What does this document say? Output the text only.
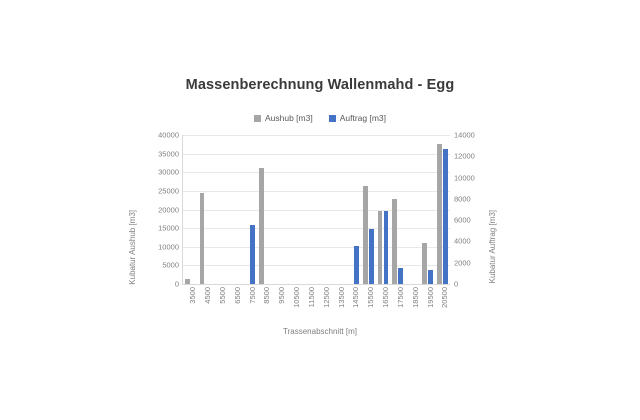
Massenberechnung Wallenmahd - Egg
Aushub [m3]	Auftrag [m3]
0
5000
10000
15000
20000
25000
30000
35000
40000
0
2000
4000
6000
8000
10000
12000
14000
3500 4500 5500 6500 7500 8500 9500 10500 11500 12500 13500 14500 15500 16500 17500 18500 19500 20500
Kubatur Aushub [m3]	Kubatur Auftrag [m3]
Trassenabschnitt [m]
